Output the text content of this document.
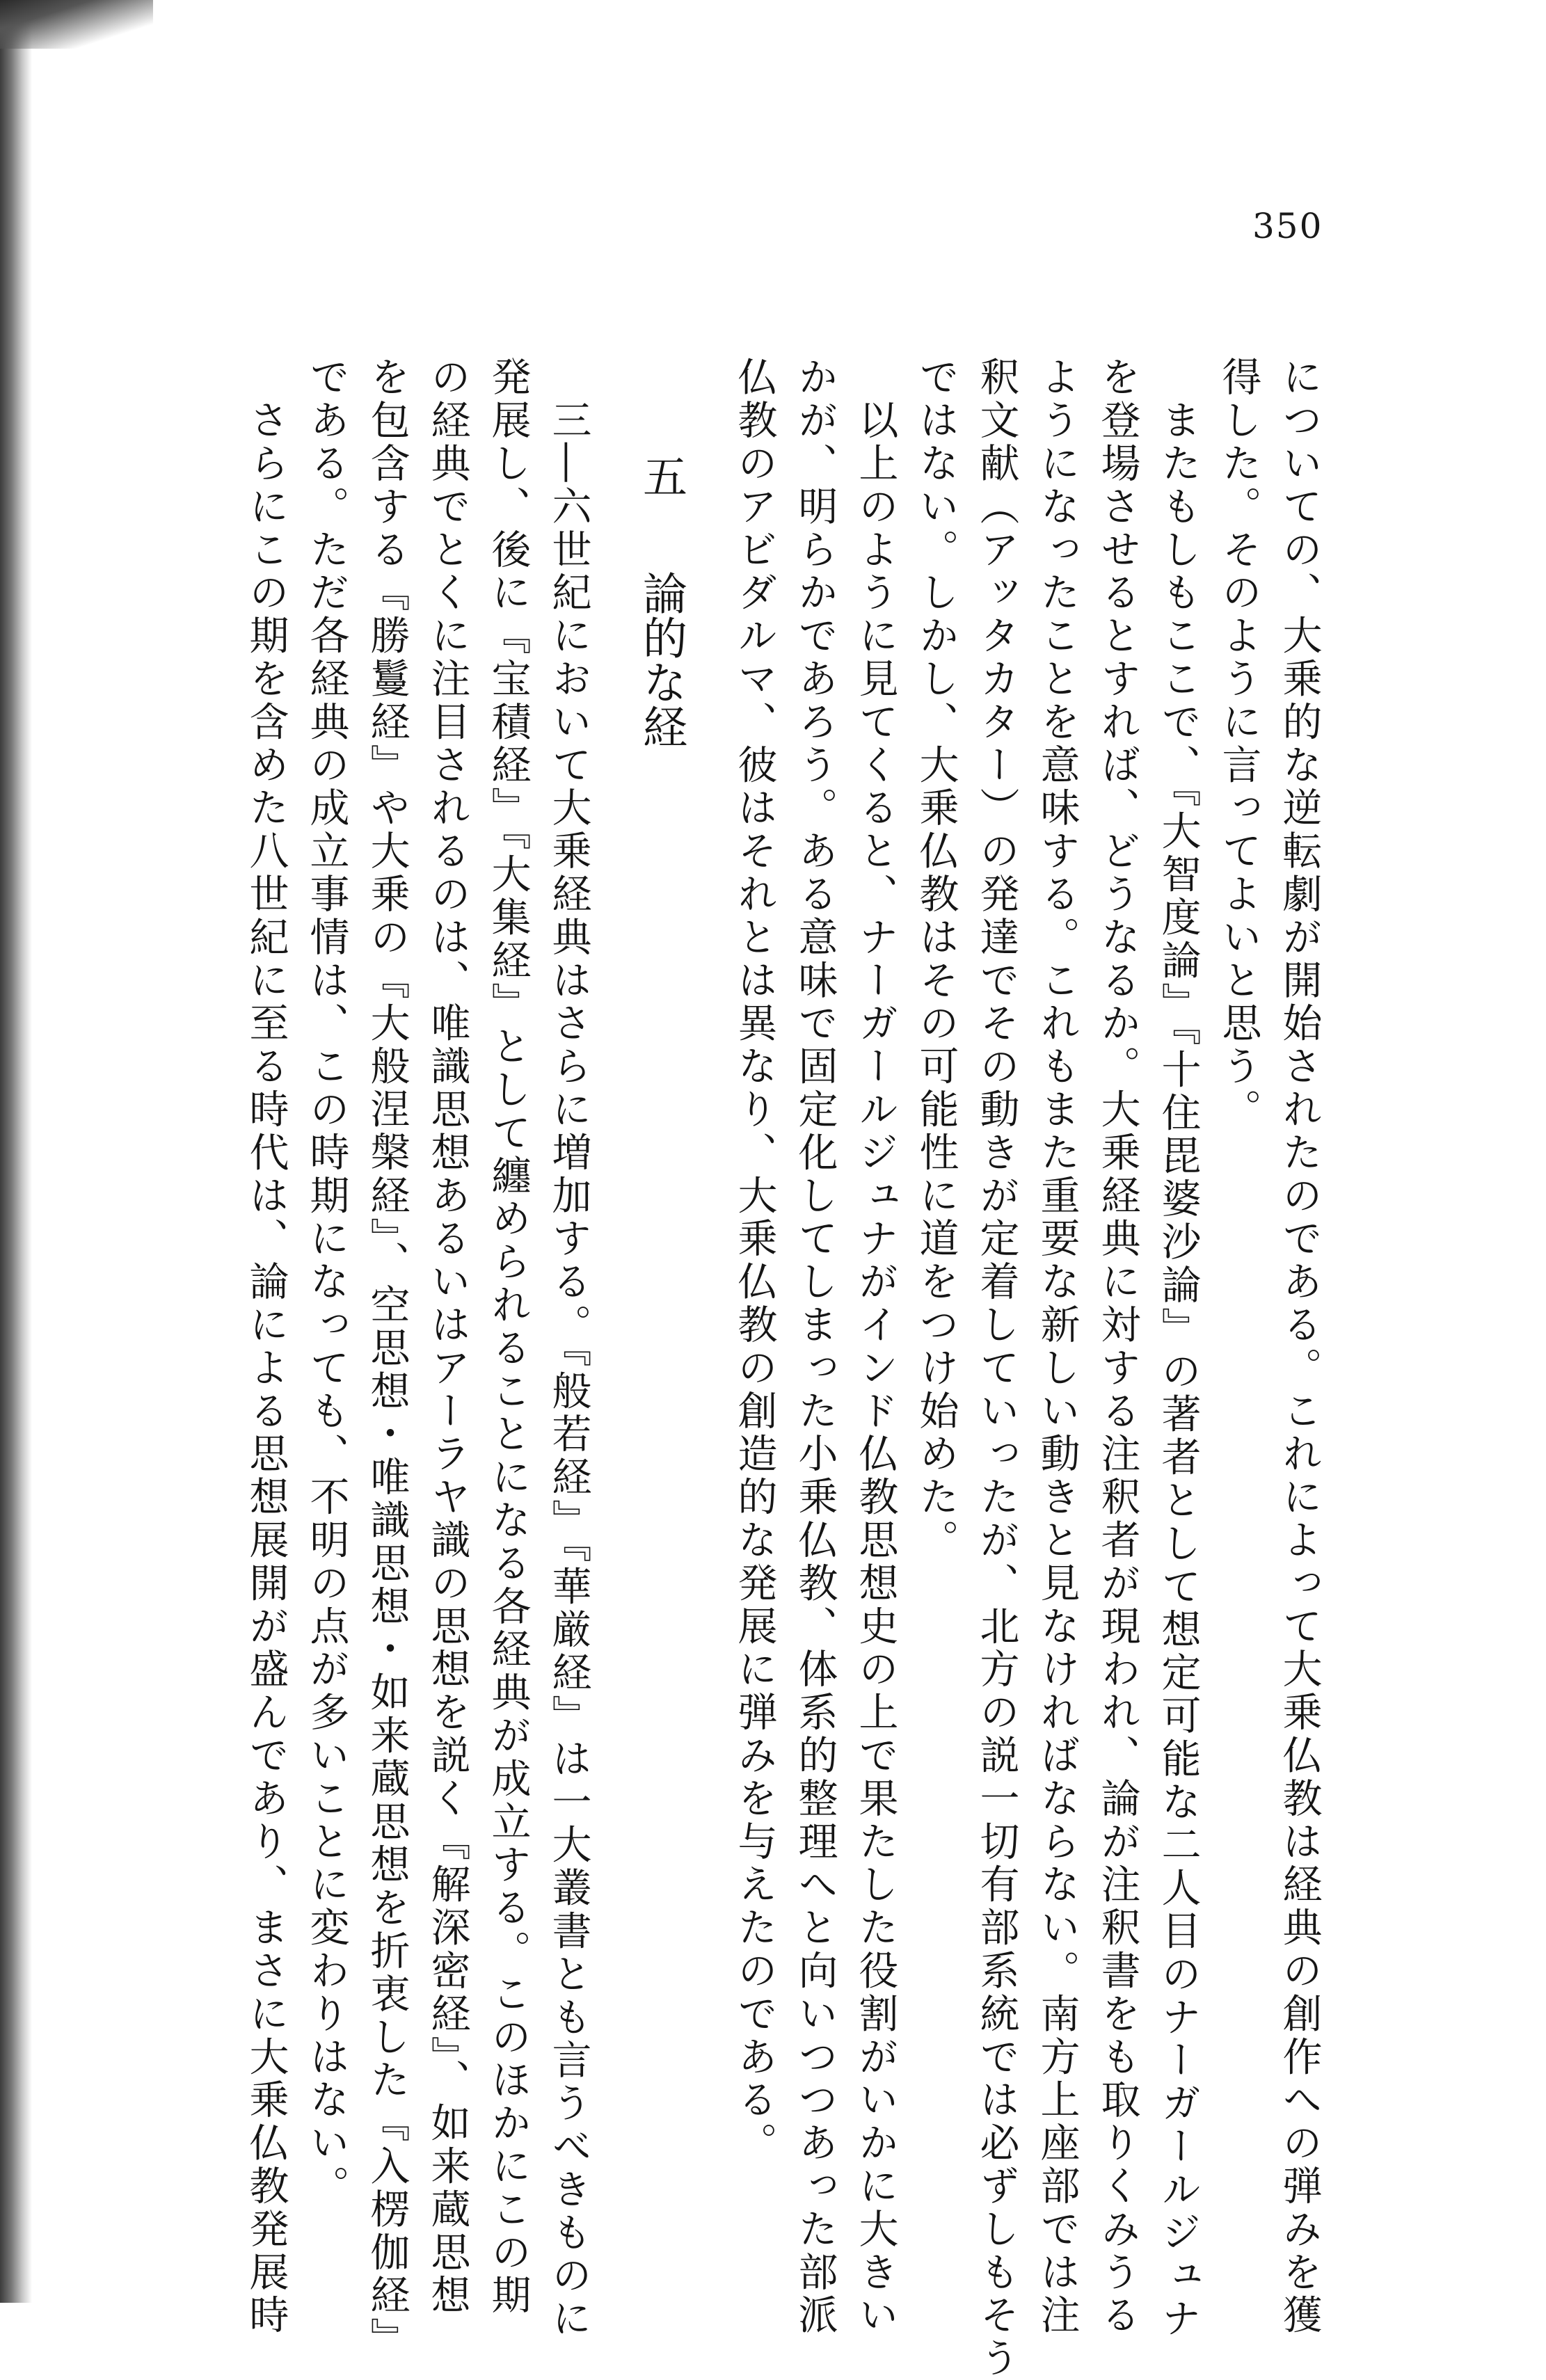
350

についての、大乗的な逆転劇が開始されたのである。これによって大乗仏教は経典の創作への弾みを獲

得した。そのように言ってよいと思う。

　またもしもここで、『大智度論』『十住毘婆沙論』の著者として想定可能な二人目のナーガールジュナ

を登場させるとすれば、どうなるか。大乗経典に対する注釈者が現われ、論が注釈書をも取りくみうる

ようになったことを意味する。これもまた重要な新しい動きと見なければならない。南方上座部では注

釈文献（アッタカター）の発達でその動きが定着していったが、北方の説一切有部系統では必ずしもそう

ではない。しかし、大乗仏教はその可能性に道をつけ始めた。

　以上のように見てくると、ナーガールジュナがインド仏教思想史の上で果たした役割がいかに大きい

かが、明らかであろう。ある意味で固定化してしまった小乗仏教、体系的整理へと向いつつあった部派

仏教のアビダルマ、彼はそれとは異なり、大乗仏教の創造的な発展に弾みを与えたのである。

五　論的な経

　三―六世紀において大乗経典はさらに増加する。『般若経』『華厳経』は一大叢書とも言うべきものに

発展し、後に『宝積経』『大集経』として纏められることになる各経典が成立する。このほかにこの期

の経典でとくに注目されるのは、唯識思想あるいはアーラヤ識の思想を説く『解深密経』、如来蔵思想

を包含する『勝鬘経』や大乗の『大般涅槃経』、空思想・唯識思想・如来蔵思想を折衷した『入楞伽経』

である。ただ各経典の成立事情は、この時期になっても、不明の点が多いことに変わりはない。

　さらにこの期を含めた八世紀に至る時代は、論による思想展開が盛んであり、まさに大乗仏教発展時
